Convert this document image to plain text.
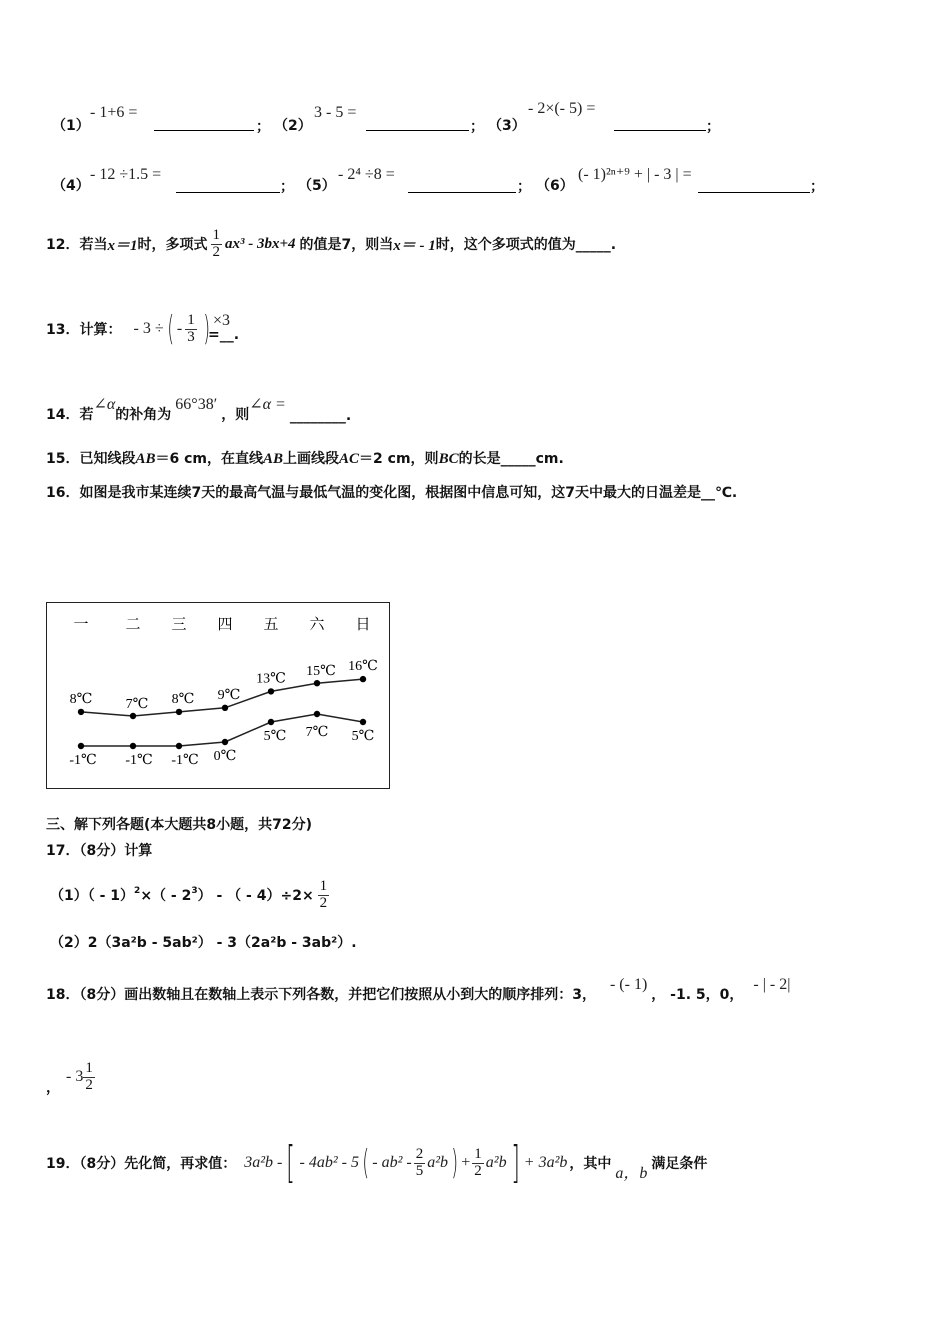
（1）
- 1+6 =
； （2）
3 - 5 =
； （3）
- 2×(- 5) =
；
（4）
- 12 ÷1.5 =
； （5）
- 2⁴ ÷8 =
； （6）
(- 1)²ⁿ⁺⁹ + | - 3 | =
；
12．若当 x＝1 时，多项式 $\frac{1}{2} ax^3 - 3bx+4$ 的值是7，则当 x＝ - 1 时，这个多项式的值为_____.
13．计算： - 3 ÷ ( - $\frac{1}{3}$ ) ×3
=__.
14．若
∠α
的补角为
66°38′
，则
∠α =
________.
15．已知线段AB＝6 cm，在直线AB上画线段AC＝2 cm，则BC的长是_____cm.
16．如图是我市某连续7天的最高气温与最低气温的变化图，根据图中信息可知，这7天中最大的日温差是__℃.
一 二 三 四 五 六 日
8℃ 7℃ 8℃ 9℃
13℃ 15℃ 16℃
-1℃ -1℃ -1℃ 0℃
5℃ 7℃ 5℃
三、解下列各题(本大题共8小题，共72分)
17．（8分）计算
（1）（ - 1）$^2$ ×（ - $2^3$ ） - （ - $4)\div 2\times \frac{1}{2}$
（2）2（3a²b - 5ab²） - 3（2a²b - 3ab²）.
18．（8分）画出数轴且在数轴上表示下列各数，并把它们按照从小到大的顺序排列：3，
- (- 1)
， -1. 5，0，
- | - 2|
，
- $3 \frac{1}{2}$
19．（8分）先化简，再求值： 3a²b - [ - 4ab² - 5 ( - $ab^2 - \frac{2}{5} a^2b$ ) + $\frac{1}{2} a^2b$ ] + 3a²b ，其中
a，b
满足条件
